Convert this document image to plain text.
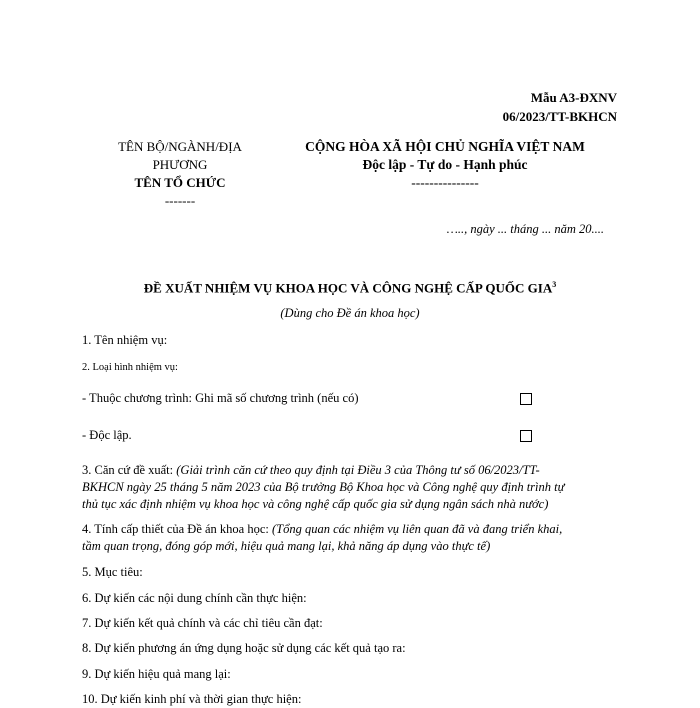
Mẫu A3-ĐXNV
06/2023/TT-BKHCN
TÊN BỘ/NGÀNH/ĐỊA
PHƯƠNG
TÊN TỔ CHỨC
-------
CỘNG HÒA XÃ HỘI CHỦ NGHĨA VIỆT NAM
Độc lập - Tự do - Hạnh phúc
---------------
….., ngày ... tháng ... năm 20....
ĐỀ XUẤT NHIỆM VỤ KHOA HỌC VÀ CÔNG NGHỆ CẤP QUỐC GIA$^3$
(Dùng cho Đề án khoa học)
1. Tên nhiệm vụ:
2. Loại hình nhiệm vụ:
- Thuộc chương trình: Ghi mã số chương trình (nếu có)
- Độc lập.
3. Căn cứ đề xuất: (Giải trình căn cứ theo quy định tại Điều 3 của Thông tư số 06/2023/TT-
BKHCN ngày 25 tháng 5 năm 2023 của Bộ trưởng Bộ Khoa học và Công nghệ quy định trình tự
thủ tục xác định nhiệm vụ khoa học và công nghệ cấp quốc gia sử dụng ngân sách nhà nước)
4. Tính cấp thiết của Đề án khoa học: (Tổng quan các nhiệm vụ liên quan đã và đang triển khai,
tầm quan trọng, đóng góp mới, hiệu quả mang lại, khả năng áp dụng vào thực tế)
5. Mục tiêu:
6. Dự kiến các nội dung chính cần thực hiện:
7. Dự kiến kết quả chính và các chỉ tiêu cần đạt:
8. Dự kiến phương án ứng dụng hoặc sử dụng các kết quả tạo ra:
9. Dự kiến hiệu quả mang lại:
10. Dự kiến kinh phí và thời gian thực hiện:
